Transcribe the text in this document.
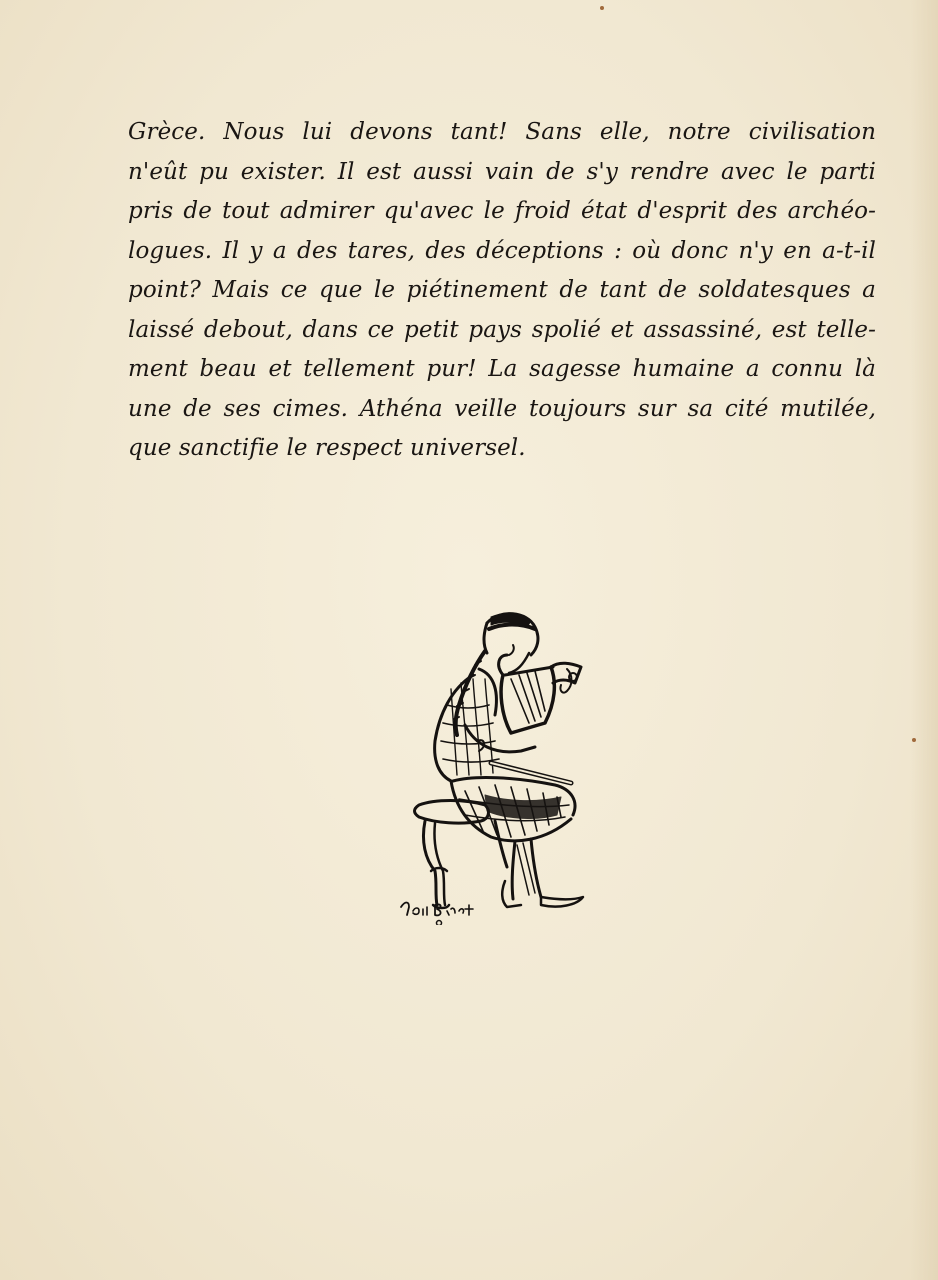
Grèce. Nous lui devons tant! Sans elle, notre civilisation
n'eût pu exister. Il est aussi vain de s'y rendre avec le parti
pris de tout admirer qu'avec le froid état d'esprit des archéo-
logues. Il y a des tares, des déceptions : où donc n'y en a-t-il
point? Mais ce que le piétinement de tant de soldatesques a
laissé debout, dans ce petit pays spolié et assassiné, est telle-
ment beau et tellement pur! La sagesse humaine a connu là
une de ses cimes. Athéna veille toujours sur sa cité mutilée,
que sanctifie le respect universel.
